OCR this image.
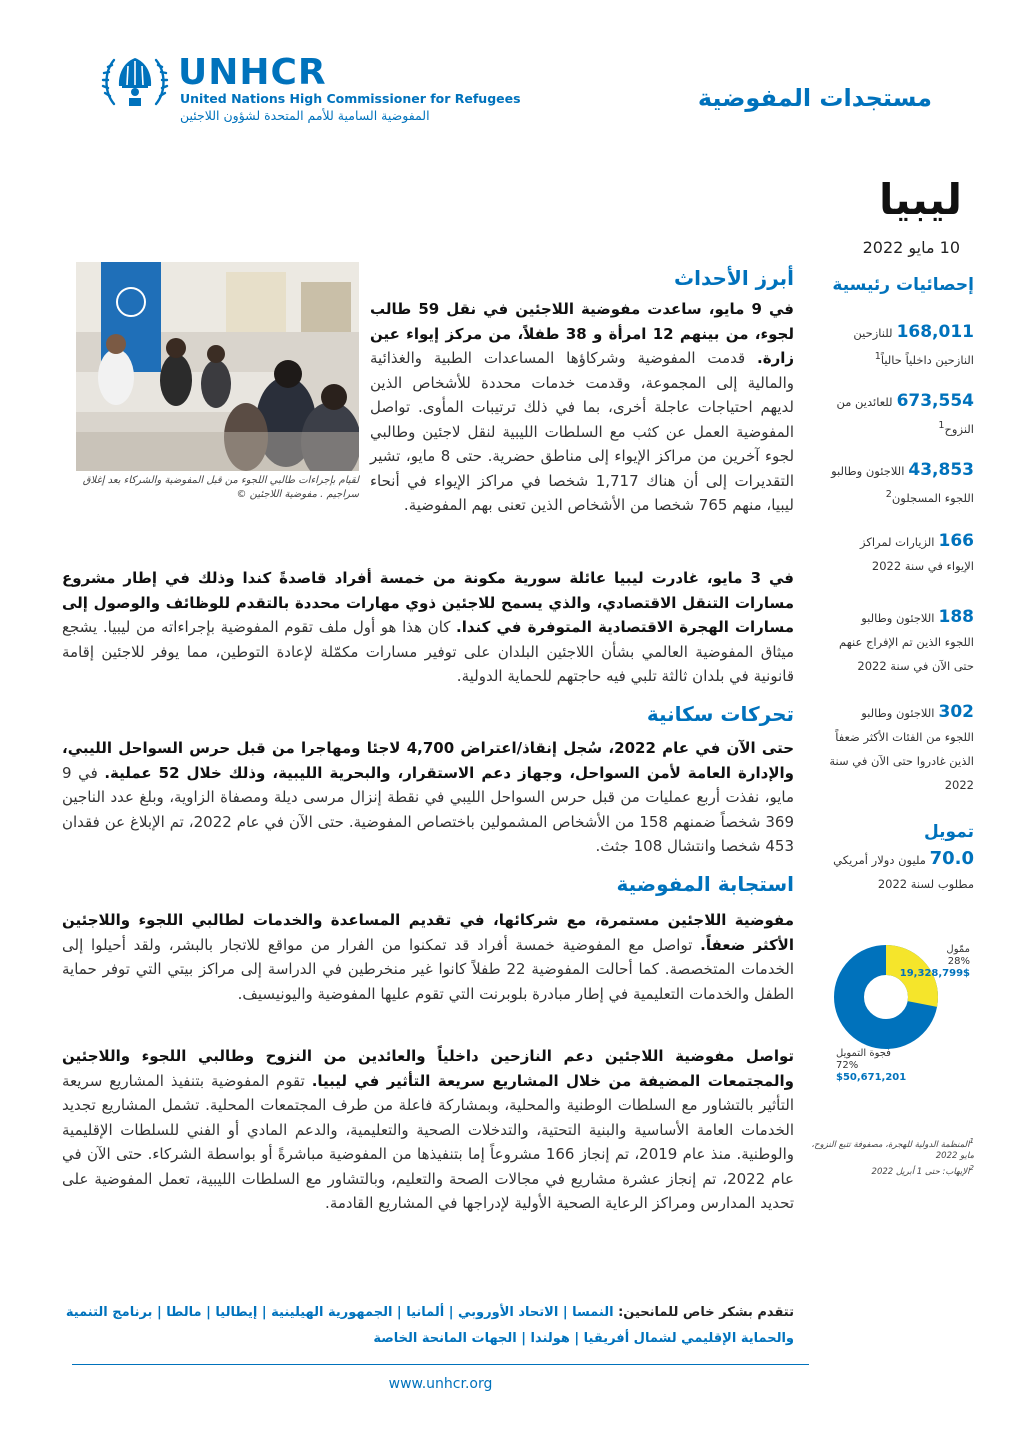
UNHCR
United Nations High Commissioner for Refugees
المفوضية السامية للأمم المتحدة لشؤون اللاجئين
مستجدات المفوضية
ليبيا
10 مايو 2022
إحصائيات رئيسية
168,011للنازحين
النازحين داخلياً حالياً$^1$
673,554للعائدين من
النزوح$^1$
43,853اللاجئون وطالبو
اللجوء المسجلون$^2$
166الزيارات لمراكز
الإيواء في سنة 2022
188اللاجئون وطالبو
اللجوء الذين تم الإفراج عنهم
حتى الآن في سنة 2022
302اللاجئون وطالبو
اللجوء من الفئات الأكثر ضعفاً
الذين غادروا حتى الآن في سنة
2022
تمويل
70.0 مليون دولار أمريكي
مطلوب لسنة 2022
ممّول
28%
19,328,799$
فجوة التمويل
72%
$50,671,201
$^1$المنظمة الدولية للهجرة، مصفوفة تتبع النزوح،
مايو 2022
$^2$الإيهاب: حتى 1 أبريل 2022
لقيام بإجراءات طالبي اللجوء من قبل المفوضية والشركاء بعد إغلاق سراجيم . مفوضية اللاجئين ©
أبرز الأحداث
في 9 مايو، ساعدت مفوضية اللاجئين في نقل 59 طالب لجوء، من بينهم 12 امرأة و 38 طفلاً، من مركز إيواء عين زارة. قدمت المفوضية وشركاؤها المساعدات الطبية والغذائية والمالية إلى المجموعة، وقدمت خدمات محددة للأشخاص الذين لديهم احتياجات عاجلة أخرى، بما في ذلك ترتيبات المأوى. تواصل المفوضية العمل عن كثب مع السلطات الليبية لنقل لاجئين وطالبي لجوء آخرين من مراكز الإيواء إلى مناطق حضرية. حتى 8 مايو، تشير التقديرات إلى أن هناك 1,717 شخصا في مراكز الإيواء في أنحاء ليبيا، منهم 765 شخصا من الأشخاص الذين تعنى بهم المفوضية.
في 3 مايو، غادرت ليبيا عائلة سورية مكونة من خمسة أفراد قاصدةً كندا وذلك في إطار مشروع مسارات التنقل الاقتصادي، والذي يسمح للاجئين ذوي مهارات محددة بالتقدم للوظائف والوصول إلى مسارات الهجرة الاقتصادية المتوفرة في كندا. كان هذا هو أول ملف تقوم المفوضية بإجراءاته من ليبيا. يشجع ميثاق المفوضية العالمي بشأن اللاجئين البلدان على توفير مسارات مكمّلة لإعادة التوطين، مما يوفر للاجئين إقامة قانونية في بلدان ثالثة تلبي فيه حاجتهم للحماية الدولية.
تحركات سكانية
حتى الآن في عام 2022، سُجل إنقاذ/اعتراض 4,700 لاجئا ومهاجرا من قبل حرس السواحل الليبي، والإدارة العامة لأمن السواحل، وجهاز دعم الاستقرار، والبحرية الليبية، وذلك خلال 52 عملية. في 9 مايو، نفذت أربع عمليات من قبل حرس السواحل الليبي في نقطة إنزال مرسى ديلة ومصفاة الزاوية، وبلغ عدد الناجين 369 شخصاً ضمنهم 158 من الأشخاص المشمولين باختصاص المفوضية. حتى الآن في عام 2022، تم الإبلاغ عن فقدان 453 شخصا وانتشال 108 جثث.
استجابة المفوضية
مفوضية اللاجئين مستمرة، مع شركائها، في تقديم المساعدة والخدمات لطالبي اللجوء واللاجئين الأكثر ضعفاً. تواصل مع المفوضية خمسة أفراد قد تمكنوا من الفرار من مواقع للاتجار بالبشر، ولقد أحيلوا إلى الخدمات المتخصصة. كما أحالت المفوضية 22 طفلاً كانوا غير منخرطين في الدراسة إلى مراكز بيتي التي توفر حماية الطفل والخدمات التعليمية في إطار مبادرة بلوبرنت التي تقوم عليها المفوضية واليونيسيف.
تواصل مفوضية اللاجئين دعم النازحين داخلياً والعائدين من النزوح وطالبي اللجوء واللاجئين والمجتمعات المضيفة من خلال المشاريع سريعة التأثير في ليبيا. تقوم المفوضية بتنفيذ المشاريع سريعة التأثير بالتشاور مع السلطات الوطنية والمحلية، وبمشاركة فاعلة من طرف المجتمعات المحلية. تشمل المشاريع تجديد الخدمات العامة الأساسية والبنية التحتية، والتدخلات الصحية والتعليمية، والدعم المادي أو الفني للسلطات الإقليمية والوطنية. منذ عام 2019، تم إنجاز 166 مشروعاً إما بتنفيذها من المفوضية مباشرةً أو بواسطة الشركاء. حتى الآن في عام 2022، تم إنجاز عشرة مشاريع في مجالات الصحة والتعليم، وبالتشاور مع السلطات الليبية، تعمل المفوضية على تحديد المدارس ومراكز الرعاية الصحية الأولية لإدراجها في المشاريع القادمة.
تتقدم بشكر خاص للمانحين: النمسا | الاتحاد الأوروبي | ألمانيا | الجمهورية الهيلينية | إيطاليا | مالطا | برنامج التنمية والحماية الإقليمي لشمال أفريقيا | هولندا | الجهات المانحة الخاصة
www.unhcr.org
